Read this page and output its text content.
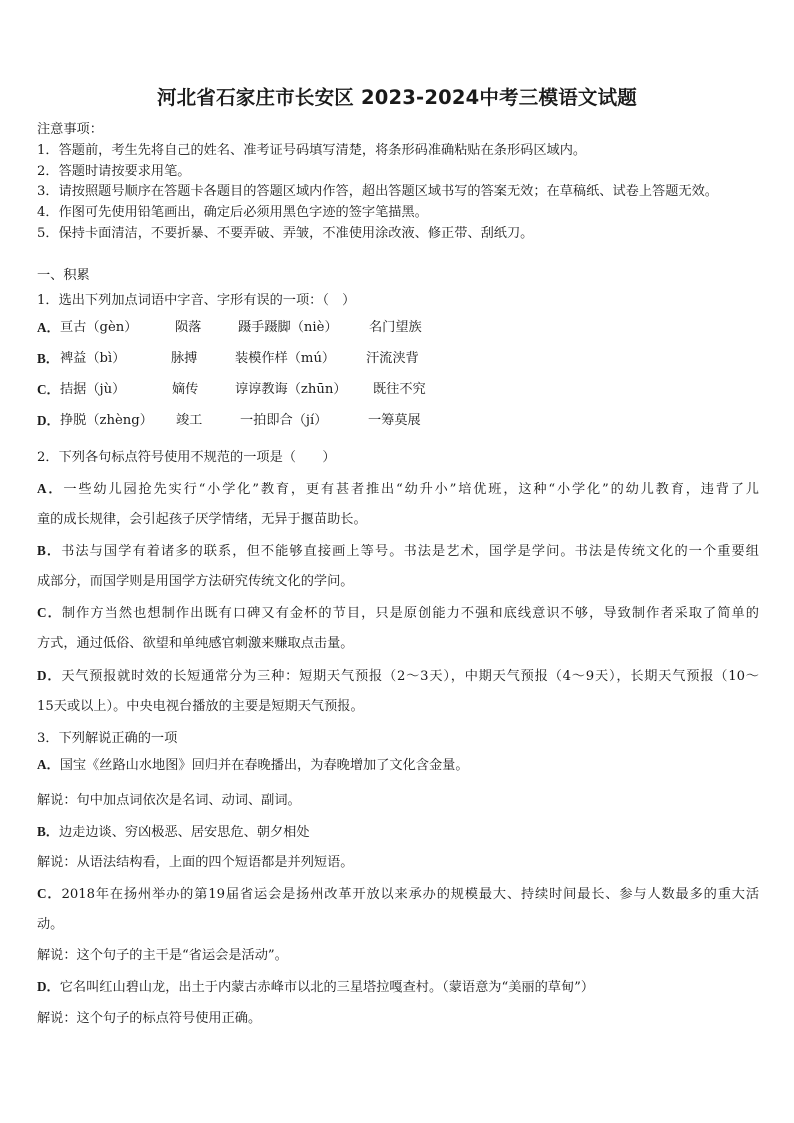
河北省石家庄市长安区 2023-2024中考三模语文试题
注意事项：
1．答题前，考生先将自己的姓名、准考证号码填写清楚，将条形码准确粘贴在条形码区域内。
2．答题时请按要求用笔。
3．请按照题号顺序在答题卡各题目的答题区域内作答，超出答题区域书写的答案无效；在草稿纸、试卷上答题无效。
4．作图可先使用铅笔画出，确定后必须用黑色字迹的签字笔描黑。
5．保持卡面清洁，不要折暴、不要弄破、弄皱，不准使用涂改液、修正带、刮纸刀。
一、积累
1．选出下列加点词语中字音、字形有误的一项：（　）
A． 亘古（gèn）	陨落	蹑手蹑脚（niè） 名门望族
B． 裨益（bì）	脉搏	装模作样（mú） 汗流浃背
C． 拮据（jù）	嫡传	谆谆教诲（zhūn） 既往不究
D． 挣脱（zhèng） 竣工	一拍即合（jí）	一筹莫展
2．下列各句标点符号使用不规范的一项是（　　）
A．一些幼儿园抢先实行“小学化”教育，更有甚者推出“幼升小”培优班，这种“小学化”的幼儿教育，违背了儿
童的成长规律，会引起孩子厌学情绪，无异于揠苗助长。
B．书法与国学有着诸多的联系，但不能够直接画上等号。书法是艺术，国学是学问。书法是传统文化的一个重要组
成部分，而国学则是用国学方法研究传统文化的学问。
C．制作方当然也想制作出既有口碑又有金杯的节目，只是原创能力不强和底线意识不够，导致制作者采取了简单的
方式，通过低俗、欲望和单纯感官刺激来赚取点击量。
D．天气预报就时效的长短通常分为三种：短期天气预报（2～3天），中期天气预报（4～9天），长期天气预报（10～
15天或以上）。中央电视台播放的主要是短期天气预报。
3．下列解说正确的一项
A．国宝《丝路山水地图》回归并在春晚播出，为春晚增加了文化含金量。
解说：句中加点词依次是名词、动词、副词。
B．边走边谈、穷凶极恶、居安思危、朝夕相处
解说：从语法结构看，上面的四个短语都是并列短语。
C．2018年在扬州举办的第19届省运会是扬州改革开放以来承办的规模最大、持续时间最长、参与人数最多的重大活
动。
解说：这个句子的主干是“省运会是活动”。
D．它名叫红山碧山龙，出土于内蒙古赤峰市以北的三星塔拉嘎查村。（蒙语意为“美丽的草甸”）
解说：这个句子的标点符号使用正确。
